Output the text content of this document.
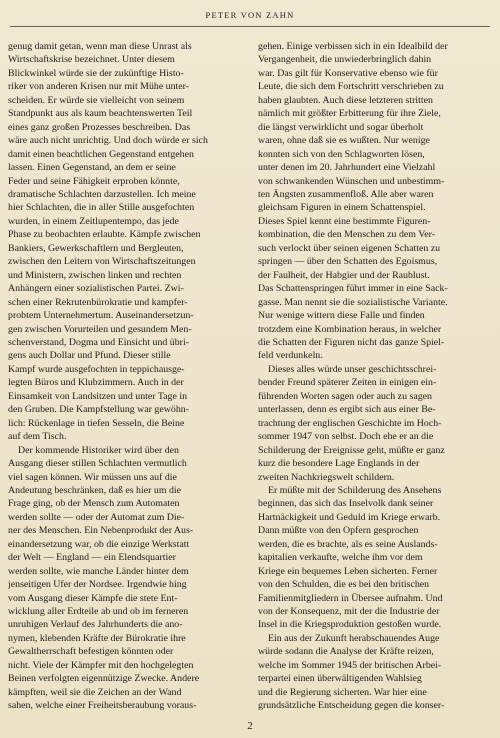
PETER VON ZAHN
genug damit getan, wenn man diese Unrast als
Wirtschaftskrise bezeichnet. Unter diesem
Blickwinkel würde sie der zukünftige Histo-
riker von anderen Krisen nur mit Mühe unter-
scheiden. Er würde sie vielleicht von seinem
Standpunkt aus als kaum beachtenswerten Teil
eines ganz großen Prozesses beschreiben. Das
wäre auch nicht unrichtig. Und doch würde er sich
damit einen beachtlichen Gegenstand entgehen
lassen. Einen Gegenstand, an dem er seine
Feder und seine Fähigkeit erproben könnte,
dramatische Schlachten darzustellen. Ich meine
hier Schlachten, die in aller Stille ausgefochten
wurden, in einem Zeitlupentempo, das jede
Phase zu beobachten erlaubte. Kämpfe zwischen
Bankiers, Gewerkschaftlern und Bergleuten,
zwischen den Leitern von Wirtschaftszeitungen
und Ministern, zwischen linken und rechten
Anhängern einer sozialistischen Partei. Zwi-
schen einer Rekrutenbürokratie und kampfer-
probtem Unternehmertum. Auseinandersetzun-
gen zwischen Vorurteilen und gesundem Men-
schenverstand, Dogma und Einsicht und übri-
gens auch Dollar und Pfund. Dieser stille
Kampf wurde ausgefochten in teppichausge-
legten Büros und Klubzimmern. Auch in der
Einsamkeit von Landsitzen und unter Tage in
den Gruben. Die Kampfstellung war gewöhn-
lich: Rückenlage in tiefen Sesseln, die Beine
auf dem Tisch.
Der kommende Historiker wird über den
Ausgang dieser stillen Schlachten vermutlich
viel sagen können. Wir müssen uns auf die
Andeutung beschränken, daß es hier um die
Frage ging, ob der Mensch zum Automaten
werden sollte — oder der Automat zum Die-
ner des Menschen. Ein Nebenprodukt der Aus-
einandersetzung war, ob die einzige Werkstatt
der Welt — England — ein Elendsquartier
werden sollte, wie manche Länder hinter dem
jenseitigen Ufer der Nordsee. Irgendwie hing
vom Ausgang dieser Kämpfe die stete Ent-
wicklung aller Erdteile ab und ob im ferneren
unruhigen Verlauf des Jahrhunderts die ano-
nymen, klebenden Kräfte der Bürokratie ihre
Gewaltherrschaft befestigen könnten oder
nicht. Viele der Kämpfer mit den hochgelegten
Beinen verfolgten eigennützige Zwecke. Andere
kämpften, weil sie die Zeichen an der Wand
sahen, welche einer Freiheitsberaubung voraus-
gehen. Einige verbissen sich in ein Idealbild der
Vergangenheit, die unwiederbringlich dahin
war. Das gilt für Konservative ebenso wie für
Leute, die sich dem Fortschritt verschrieben zu
haben glaubten. Auch diese letzteren stritten
nämlich mit größter Erbitterung für ihre Ziele,
die längst verwirklicht und sogar überholt
waren, ohne daß sie es wußten. Nur wenige
konnten sich von den Schlagworten lösen,
unter denen im 20. Jahrhundert eine Vielzahl
von schwankenden Wünschen und unbestimm-
ten Ängsten zusammenfloß. Alle aber waren
gleichsam Figuren in einem Schattenspiel.
Dieses Spiel kennt eine bestimmte Figuren-
kombination, die den Menschen zu dem Ver-
such verlockt über seinen eigenen Schatten zu
springen — über den Schatten des Egoismus,
der Faulheit, der Habgier und der Raublust.
Das Schattenspringen führt immer in eine Sack-
gasse. Man nennt sie die sozialistische Variante.
Nur wenige wittern diese Falle und finden
trotzdem eine Kombination heraus, in welcher
die Schatten der Figuren nicht das ganze Spiel-
feld verdunkeln.
Dieses alles würde unser geschichtsschrei-
bender Freund späterer Zeiten in einigen ein-
führenden Worten sagen oder auch zu sagen
unterlassen, denn es ergibt sich aus einer Be-
trachtung der englischen Geschichte im Hoch-
sommer 1947 von selbst. Doch ehe er an die
Schilderung der Ereignisse geht, müßte er ganz
kurz die besondere Lage Englands in der
zweiten Nachkriegswelt schildern.
Er müßte mit der Schilderung des Ansehens
beginnen, das sich das Inselvolk dank seiner
Hartnäckigkeit und Geduld im Kriege erwarb.
Dann müßte von den Opfern gesprochen
werden, die es brachte, als es seine Auslands-
kapitalien verkaufte, welche ihm vor dem
Kriege ein bequemes Leben sicherten. Ferner
von den Schulden, die es bei den britischen
Familienmitgliedern in Übersee aufnahm. Und
von der Konsequenz, mit der die Industrie der
Insel in die Kriegsproduktion gestoßen wurde.
Ein aus der Zukunft herabschauendes Auge
würde sodann die Analyse der Kräfte reizen,
welche im Sommer 1945 der britischen Arbei-
terpartei einen überwältigenden Wahlsieg
und die Regierung sicherten. War hier eine
grundsätzliche Entscheidung gegen die konser-
2
